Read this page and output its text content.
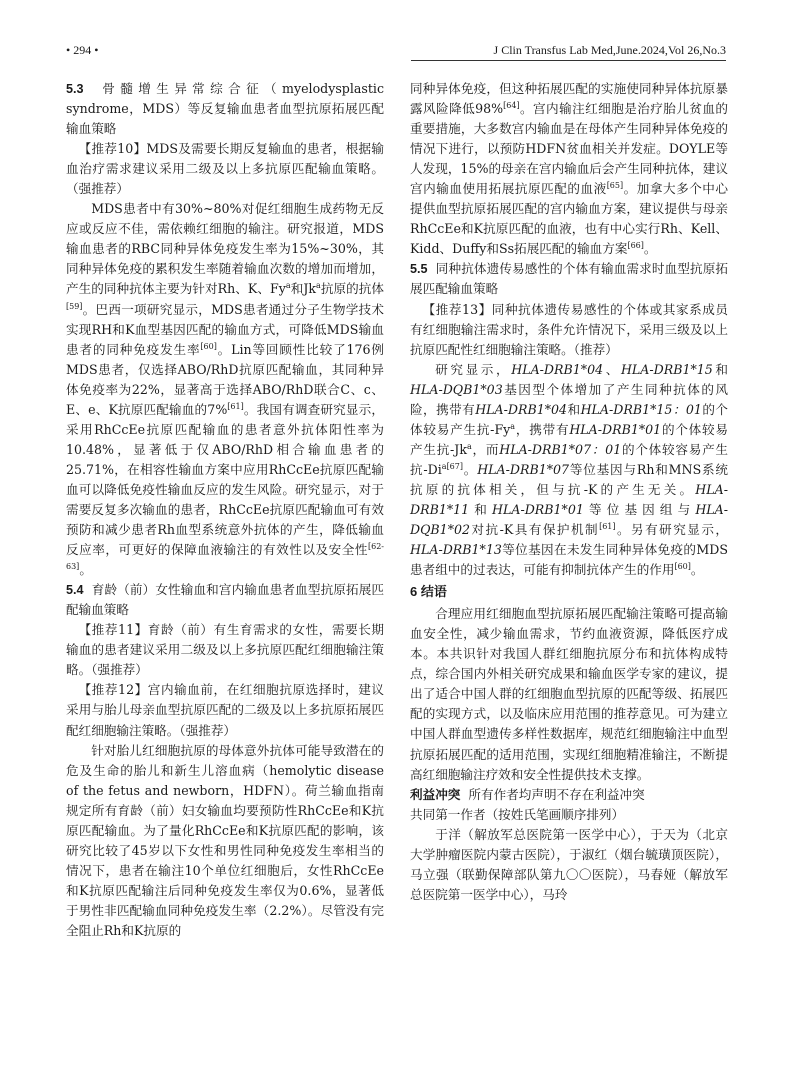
• 294 •	J Clin Transfus Lab Med,June.2024,Vol 26,No.3

5.3 骨髓增生异常综合征（myelodysplastic syndrome，MDS）等反复输血患者血型抗原拓展匹配输血策略

【推荐10】MDS及需要长期反复输血的患者，根据输血治疗需求建议采用二级及以上多抗原匹配输血策略。（强推荐）

MDS患者中有30%~80%对促红细胞生成药物无反应或反应不佳，需依赖红细胞的输注。研究报道，MDS输血患者的RBC同种异体免疫发生率为15%~30%，其同种异体免疫的累积发生率随着输血次数的增加而增加，产生的同种抗体主要为针对Rh、K、Fy$^a$和Jk$^a$抗原的抗体[59]。巴西一项研究显示，MDS患者通过分子生物学技术实现RH和K血型基因匹配的输血方式，可降低MDS输血患者的同种免疫发生率[60]。Lin等回顾性比较了176例MDS患者，仅选择ABO/RhD抗原匹配输血，其同种异体免疫率为22%，显著高于选择ABO/RhD联合C、c、E、e、K抗原匹配输血的7%[61]。我国有调查研究显示，采用RhCcEe抗原匹配输血的患者意外抗体阳性率为10.48%，显著低于仅ABO/RhD相合输血患者的25.71%，在相容性输血方案中应用RhCcEe抗原匹配输血可以降低免疫性输血反应的发生风险。研究显示，对于需要反复多次输血的患者，RhCcEe抗原匹配输血可有效预防和减少患者Rh血型系统意外抗体的产生，降低输血反应率，可更好的保障血液输注的有效性以及安全性[62-63]。

5.4 育龄（前）女性输血和宫内输血患者血型抗原拓展匹配输血策略

【推荐11】育龄（前）有生育需求的女性，需要长期输血的患者建议采用二级及以上多抗原匹配红细胞输注策略。（强推荐）

【推荐12】宫内输血前，在红细胞抗原选择时，建议采用与胎儿母亲血型抗原匹配的二级及以上多抗原拓展匹配红细胞输注策略。（强推荐）

针对胎儿红细胞抗原的母体意外抗体可能导致潜在的危及生命的胎儿和新生儿溶血病（hemolytic disease of the fetus and newborn，HDFN）。荷兰输血指南规定所有育龄（前）妇女输血均要预防性RhCcEe和K抗原匹配输血。为了量化RhCcEe和K抗原匹配的影响，该研究比较了45岁以下女性和男性同种免疫发生率相当的情况下，患者在输注10个单位红细胞后，女性RhCcEe和K抗原匹配输注后同种免疫发生率仅为0.6%，显著低于男性非匹配输血同种免疫发生率（2.2%）。尽管没有完全阻止Rh和K抗原的

同种异体免疫，但这种拓展匹配的实施使同种异体抗原暴露风险降低98%[64]。宫内输注红细胞是治疗胎儿贫血的重要措施，大多数宫内输血是在母体产生同种异体免疫的情况下进行，以预防HDFN贫血相关并发症。DOYLE等人发现，15%的母亲在宫内输血后会产生同种抗体，建议宫内输血使用拓展抗原匹配的血液[65]。加拿大多个中心提供血型抗原拓展匹配的宫内输血方案，建议提供与母亲RhCcEe和K抗原匹配的血液，也有中心实行Rh、Kell、Kidd、Duffy和Ss拓展匹配的输血方案[66]。

5.5 同种抗体遗传易感性的个体有输血需求时血型抗原拓展匹配输血策略

【推荐13】同种抗体遗传易感性的个体或其家系成员有红细胞输注需求时，条件允许情况下，采用三级及以上抗原匹配性红细胞输注策略。（推荐）

研究显示，HLA-DRB1*04、HLA-DRB1*15和HLA-DQB1*03基因型个体增加了产生同种抗体的风险，携带有HLA-DRB1*04和HLA-DRB1*15：01的个体较易产生抗-Fy$^a$，携带有HLA-DRB1*01的个体较易产生抗-Jk$^a$，而HLA-DRB1*07：01的个体较容易产生抗$-Di^{a[67]}$。HLA-DRB1*07等位基因与Rh和MNS系统抗原的抗体相关，但与抗-K的产生无关。HLA-DRB1*11和HLA-DRB1*01等位基因组与HLA-DQB1*02对抗-K具有保护机制[61]。另有研究显示，HLA-DRB1*13等位基因在未发生同种异体免疫的MDS患者组中的过表达，可能有抑制抗体产生的作用[60]。

6 结语

合理应用红细胞血型抗原拓展匹配输注策略可提高输血安全性，减少输血需求，节约血液资源，降低医疗成本。本共识针对我国人群红细胞抗原分布和抗体构成特点，综合国内外相关研究成果和输血医学专家的建议，提出了适合中国人群的红细胞血型抗原的匹配等级、拓展匹配的实现方式，以及临床应用范围的推荐意见。可为建立中国人群血型遗传多样性数据库，规范红细胞输注中血型抗原拓展匹配的适用范围，实现红细胞精准输注，不断提高红细胞输注疗效和安全性提供技术支撑。

利益冲突 所有作者均声明不存在利益冲突

共同第一作者（按姓氏笔画顺序排列）

于洋（解放军总医院第一医学中心），于天为（北京大学肿瘤医院内蒙古医院），于淑红（烟台毓璜顶医院），马立强（联勤保障部队第九〇〇医院），马春娅（解放军总医院第一医学中心），马玲
